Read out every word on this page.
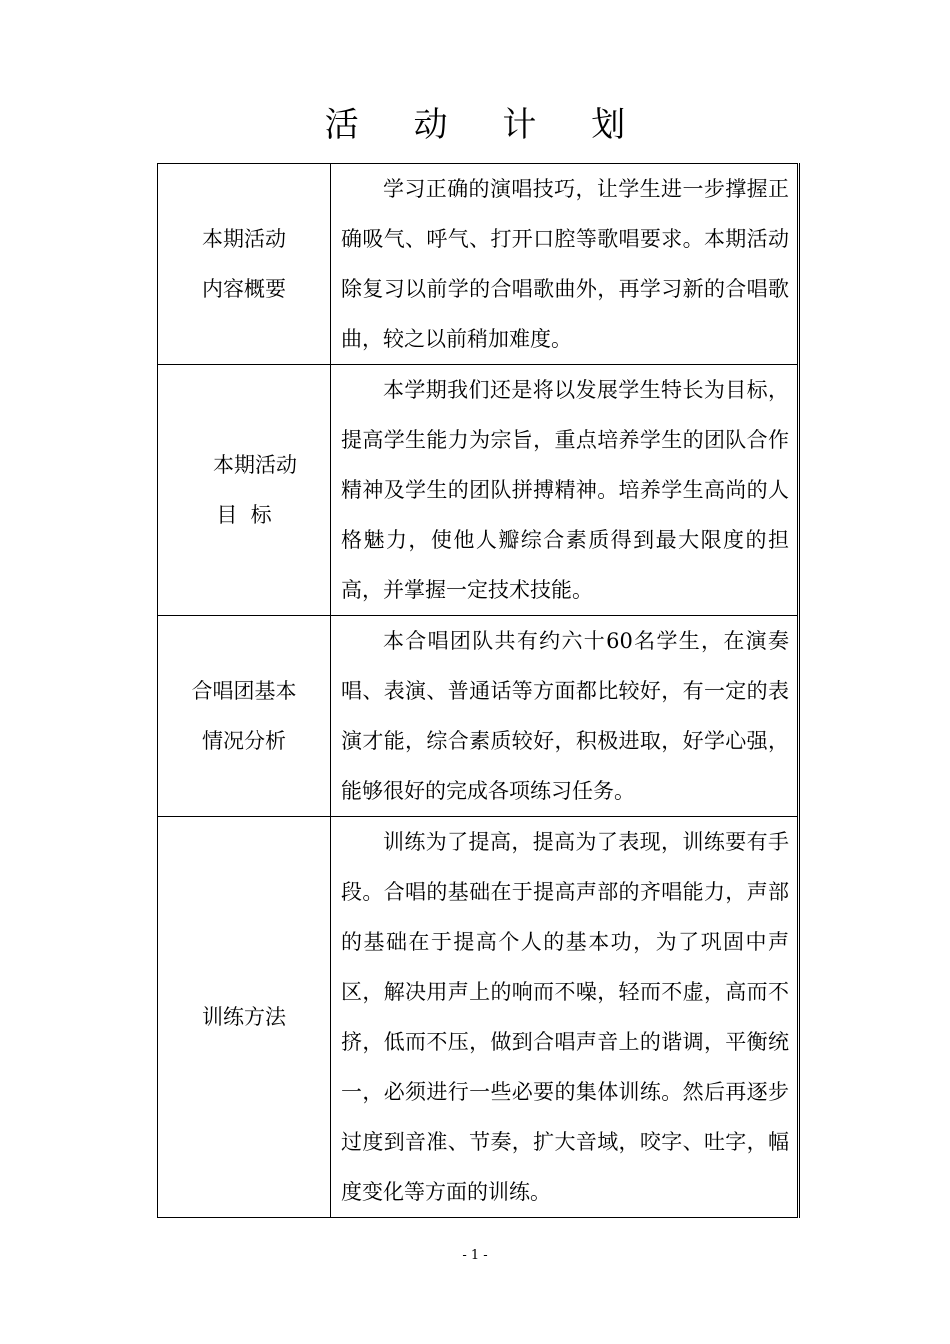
活 动 计 划
本期活动
内容概要	学习正确的演唱技巧，让学生进一步撑握正确吸气、呼气、打开口腔等歌唱要求。本期活动除复习以前学的合唱歌曲外，再学习新的合唱歌曲，较之以前稍加难度。

本期活动
目  标	本学期我们还是将以发展学生特长为目标，提高学生能力为宗旨，重点培养学生的团队合作精神及学生的团队拼搏精神。培养学生高尚的人格魅力，使他人瓣综合素质得到最大限度的担高，并掌握一定技术技能。

合唱团基本
情况分析	本合唱团队共有约六十60名学生，在演奏唱、表演、普通话等方面都比较好，有一定的表演才能，综合素质较好，积极进取，好学心强，能够很好的完成各项练习任务。

训练方法	训练为了提高，提高为了表现，训练要有手段。合唱的基础在于提高声部的齐唱能力，声部的基础在于提高个人的基本功，为了巩固中声区，解决用声上的响而不噪，轻而不虚，高而不挤，低而不压，做到合唱声音上的谐调，平衡统一，必须进行一些必要的集体训练。然后再逐步过度到音准、节奏，扩大音域，咬字、吐字，幅度变化等方面的训练。

- 1 -
